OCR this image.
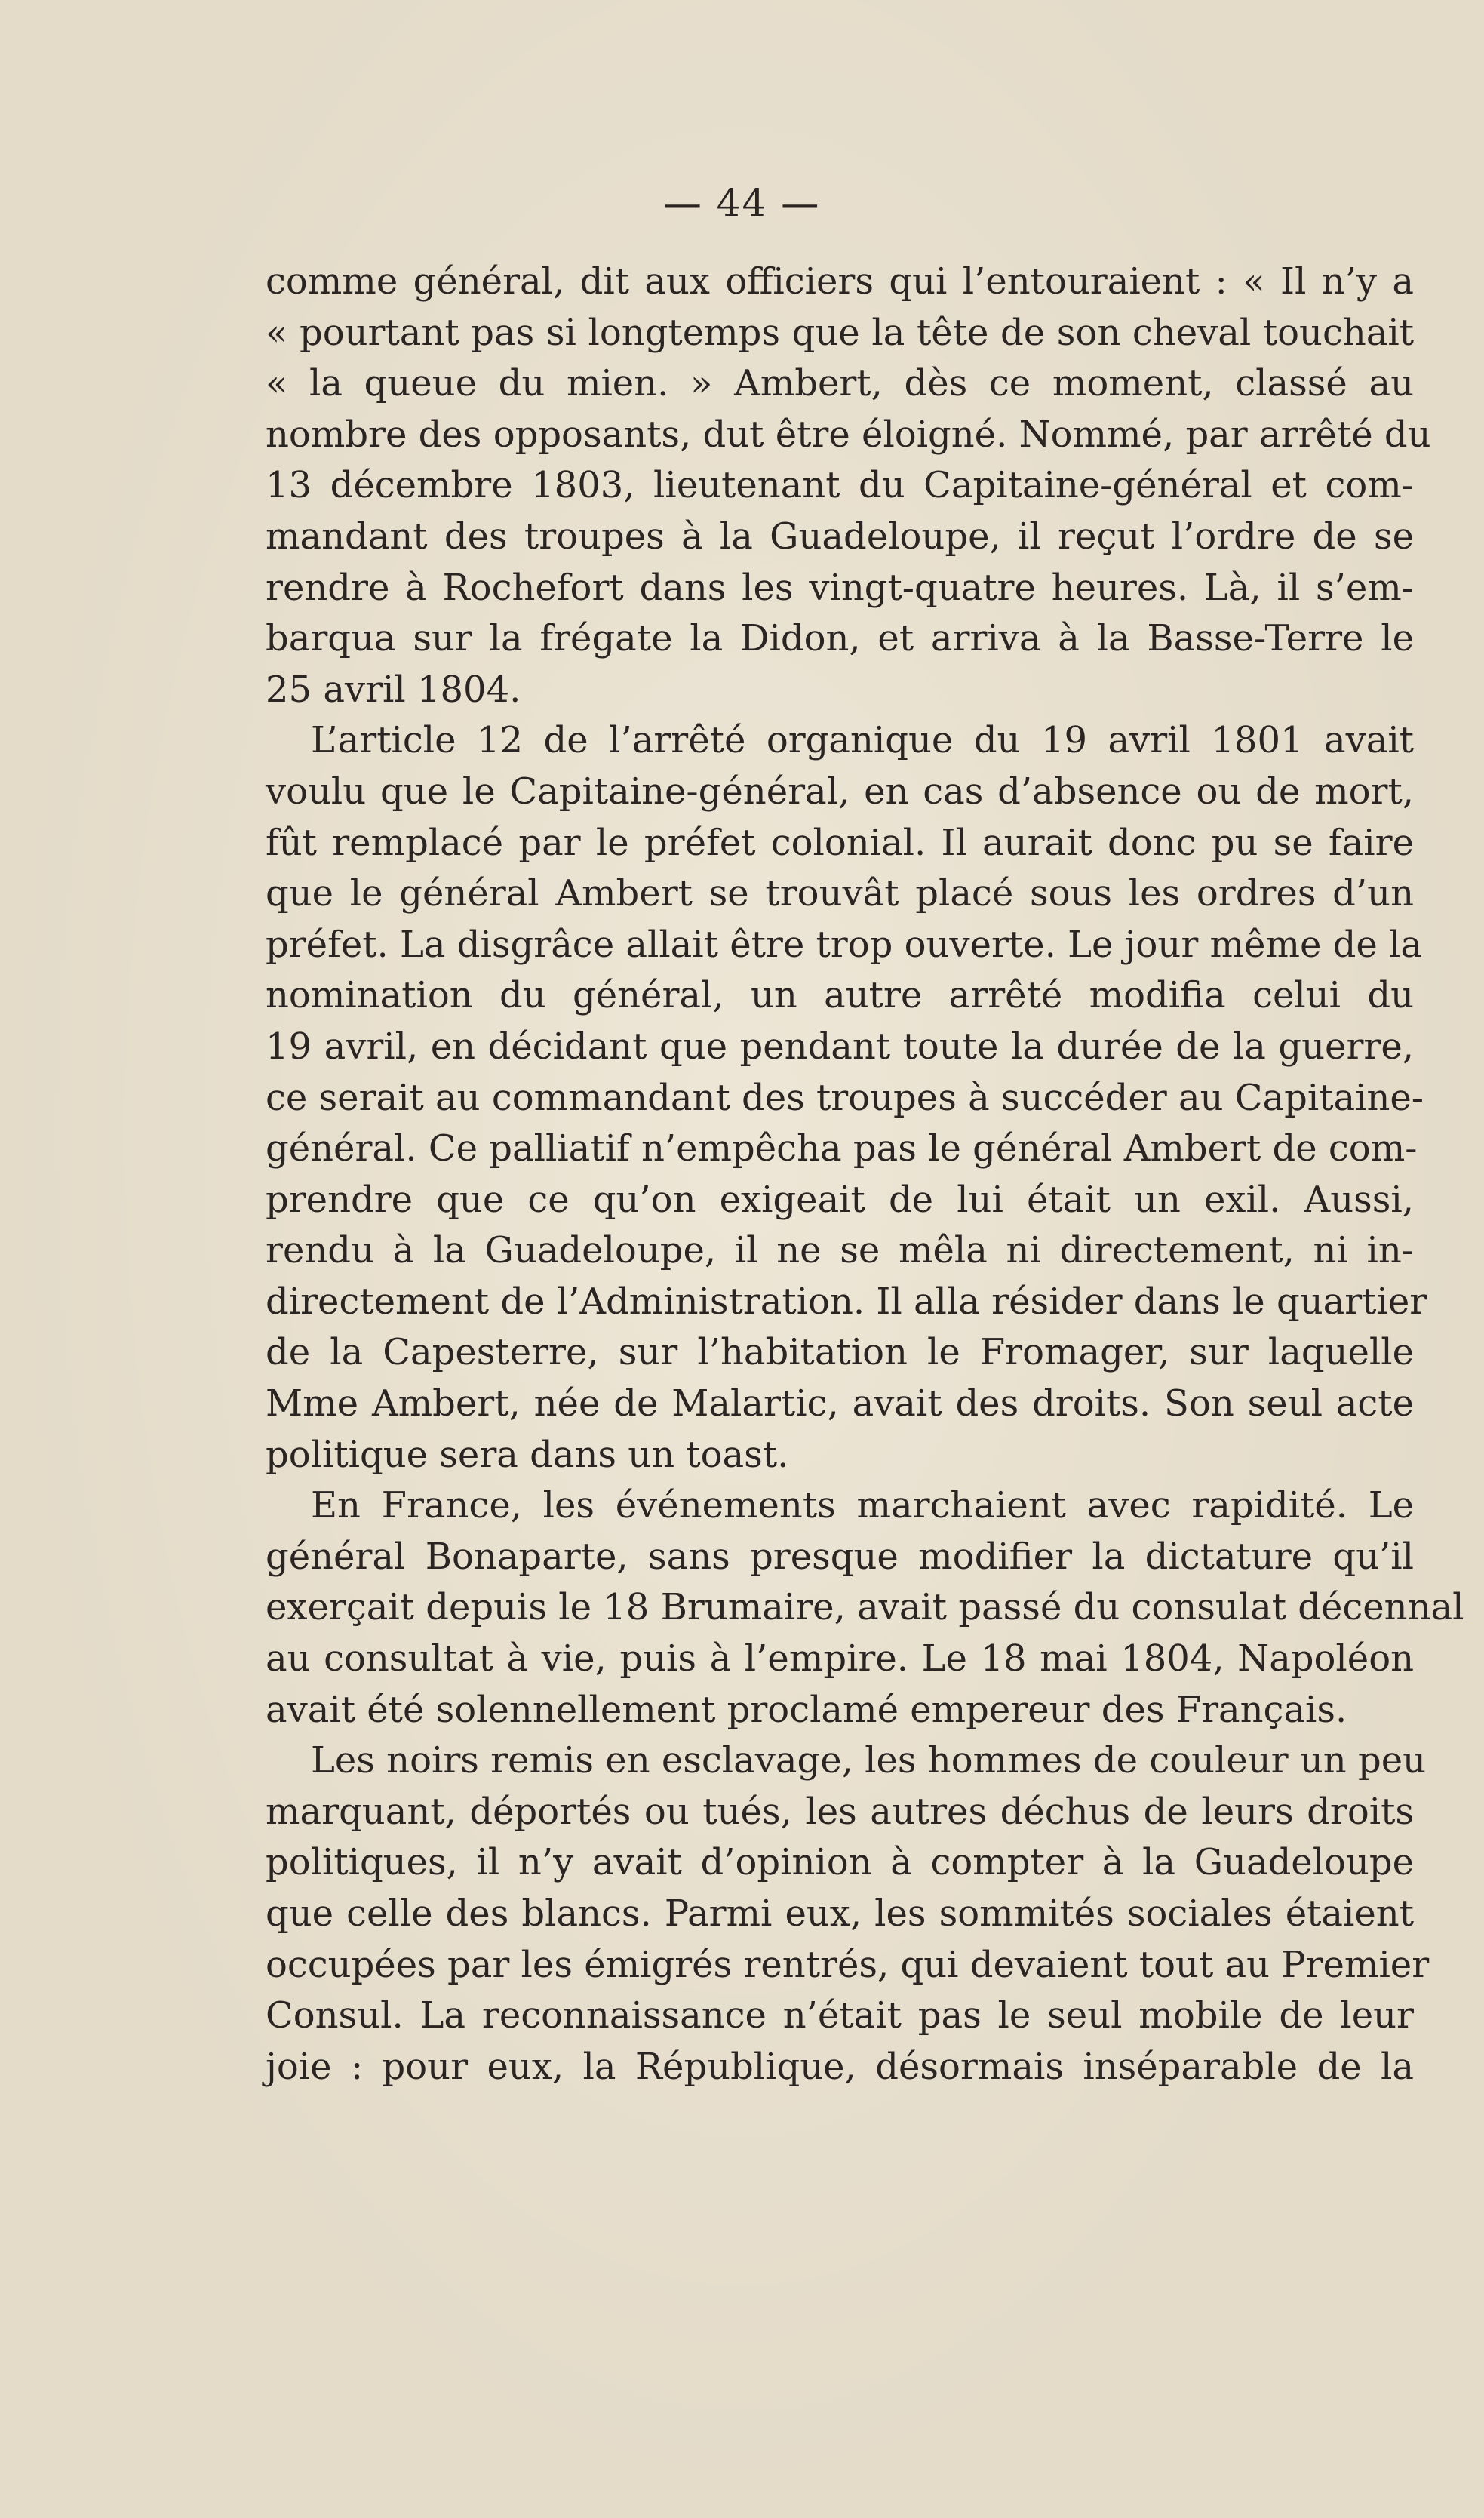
— 44 —
comme général, dit aux officiers qui l’entouraient : « Il n’y a
« pourtant pas si longtemps que la tête de son cheval touchait
« la queue du mien. » Ambert, dès ce moment, classé au
nombre des opposants, dut être éloigné. Nommé, par arrêté du
13 décembre 1803, lieutenant du Capitaine-général et com-
mandant des troupes à la Guadeloupe, il reçut l’ordre de se
rendre à Rochefort dans les vingt-quatre heures. Là, il s’em-
barqua sur la frégate la Didon, et arriva à la Basse-Terre le
25 avril 1804.
L’article 12 de l’arrêté organique du 19 avril 1801 avait
voulu que le Capitaine-général, en cas d’absence ou de mort,
fût remplacé par le préfet colonial. Il aurait donc pu se faire
que le général Ambert se trouvât placé sous les ordres d’un
préfet. La disgrâce allait être trop ouverte. Le jour même de la
nomination du général, un autre arrêté modifia celui du
19 avril, en décidant que pendant toute la durée de la guerre,
ce serait au commandant des troupes à succéder au Capitaine-
général. Ce palliatif n’empêcha pas le général Ambert de com-
prendre que ce qu’on exigeait de lui était un exil. Aussi,
rendu à la Guadeloupe, il ne se mêla ni directement, ni in-
directement de l’Administration. Il alla résider dans le quartier
de la Capesterre, sur l’habitation le Fromager, sur laquelle
Mme Ambert, née de Malartic, avait des droits. Son seul acte
politique sera dans un toast.
En France, les événements marchaient avec rapidité. Le
général Bonaparte, sans presque modifier la dictature qu’il
exerçait depuis le 18 Brumaire, avait passé du consulat décennal
au consultat à vie, puis à l’empire. Le 18 mai 1804, Napoléon
avait été solennellement proclamé empereur des Français.
Les noirs remis en esclavage, les hommes de couleur un peu
marquant, déportés ou tués, les autres déchus de leurs droits
politiques, il n’y avait d’opinion à compter à la Guadeloupe
que celle des blancs. Parmi eux, les sommités sociales étaient
occupées par les émigrés rentrés, qui devaient tout au Premier
Consul. La reconnaissance n’était pas le seul mobile de leur
joie : pour eux, la République, désormais inséparable de la
